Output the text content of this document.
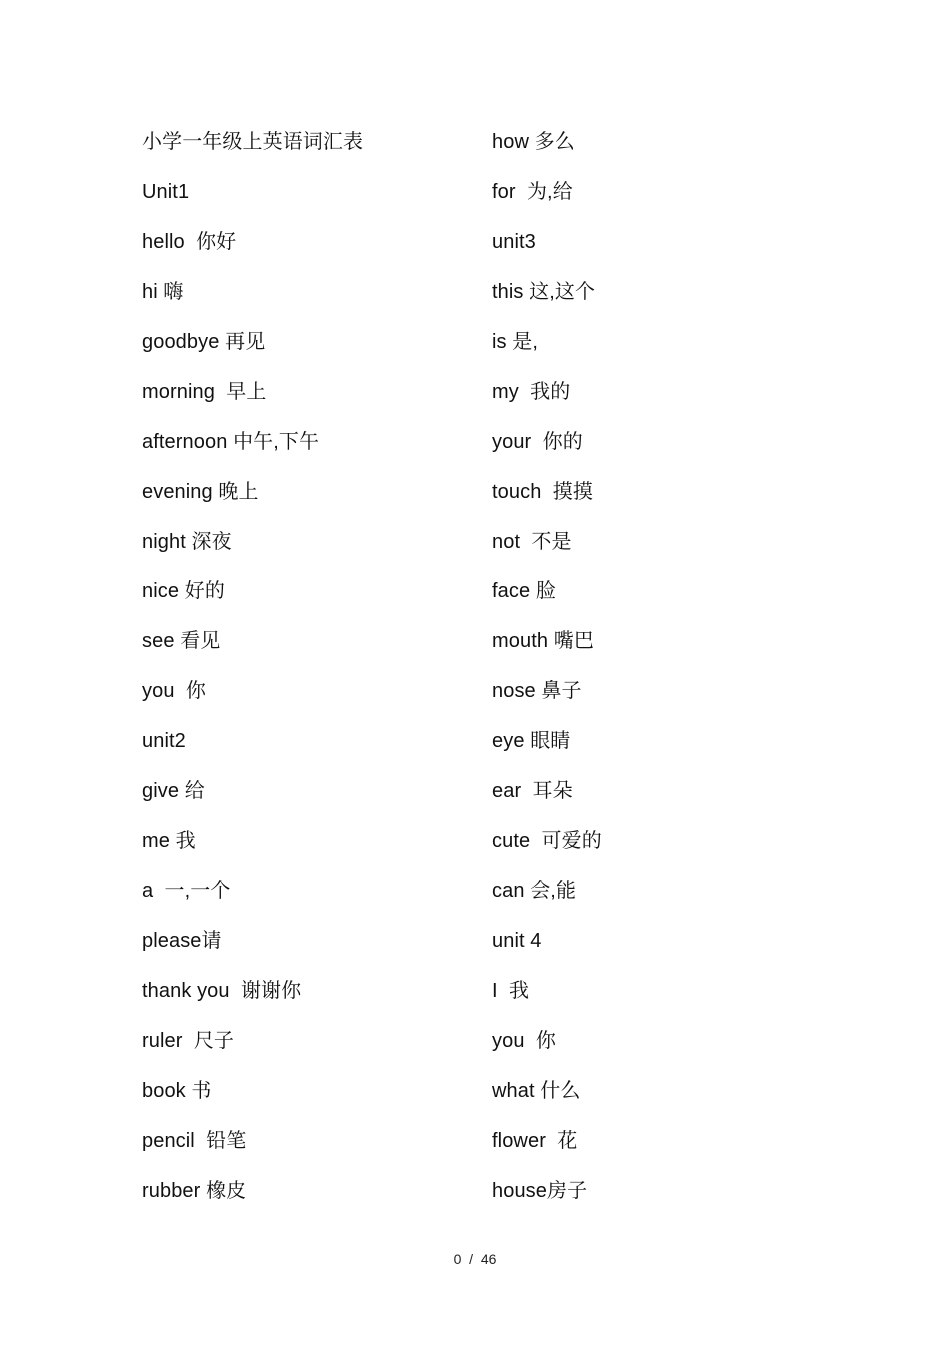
小学一年级上英语词汇表
Unit1
hello  你好
hi 嗨
goodbye 再见
morning  早上
afternoon 中午,下午
evening 晚上
night 深夜
nice 好的
see 看见
you  你
unit2
give 给
me 我
a  一,一个
please请
thank you  谢谢你
ruler  尺子
book 书
pencil  铅笔
rubber 橡皮
how 多么
for  为,给
unit3
this 这,这个
is 是,
my  我的
your  你的
touch  摸摸
not  不是
face 脸
mouth 嘴巴
nose 鼻子
eye 眼睛
ear  耳朵
cute  可爱的
can 会,能
unit 4
I  我
you  你
what 什么
flower  花
house房子
0  /  46
